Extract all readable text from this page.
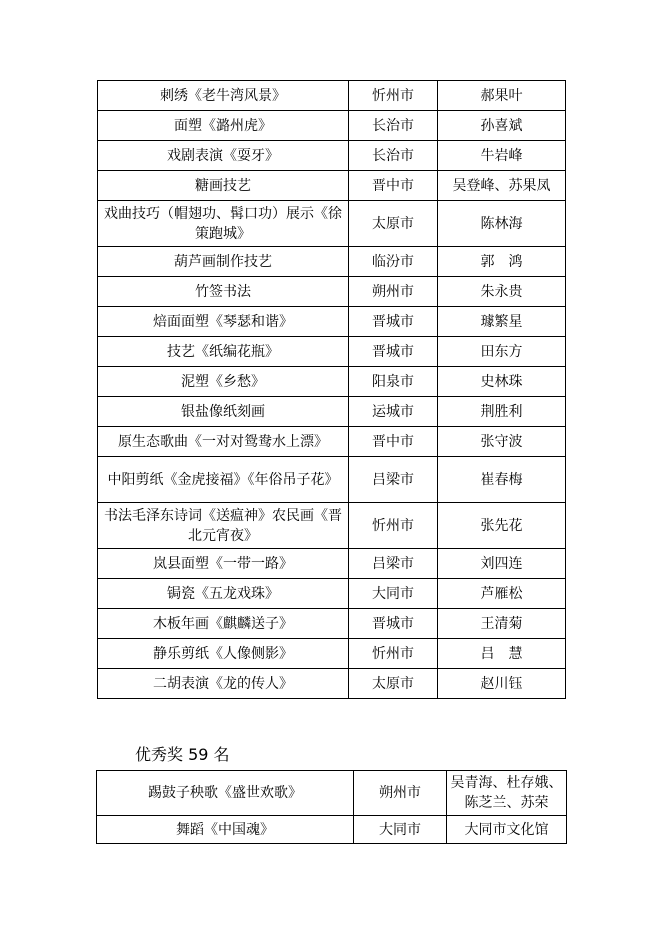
刺绣《老牛湾风景》	忻州市	郝果叶
面塑《潞州虎》	长治市	孙喜斌
戏剧表演《耍牙》	长治市	牛岩峰
糖画技艺	晋中市	吴登峰、苏果凤
戏曲技巧（帽翅功、髯口功）展示《徐策跑城》	太原市	陈林海
葫芦画制作技艺	临汾市	郭　鸿
竹签书法	朔州市	朱永贵
焙面面塑《琴瑟和谐》	晋城市	璩繁星
技艺《纸编花瓶》	晋城市	田东方
泥塑《乡愁》	阳泉市	史林珠
银盐像纸刻画	运城市	荆胜利
原生态歌曲《一对对鸳鸯水上漂》	晋中市	张守波
中阳剪纸《金虎接福》《年俗吊子花》	吕梁市	崔春梅
书法毛泽东诗词《送瘟神》农民画《晋北元宵夜》	忻州市	张先花
岚县面塑《一带一路》	吕梁市	刘四连
锔瓷《五龙戏珠》	大同市	芦雁松
木板年画《麒麟送子》	晋城市	王清菊
静乐剪纸《人像侧影》	忻州市	吕　慧
二胡表演《龙的传人》	太原市	赵川钰
优秀奖 59 名
踢鼓子秧歌《盛世欢歌》	朔州市	吴青海、杜存娥、陈芝兰、苏荣
舞蹈《中国魂》	大同市	大同市文化馆
